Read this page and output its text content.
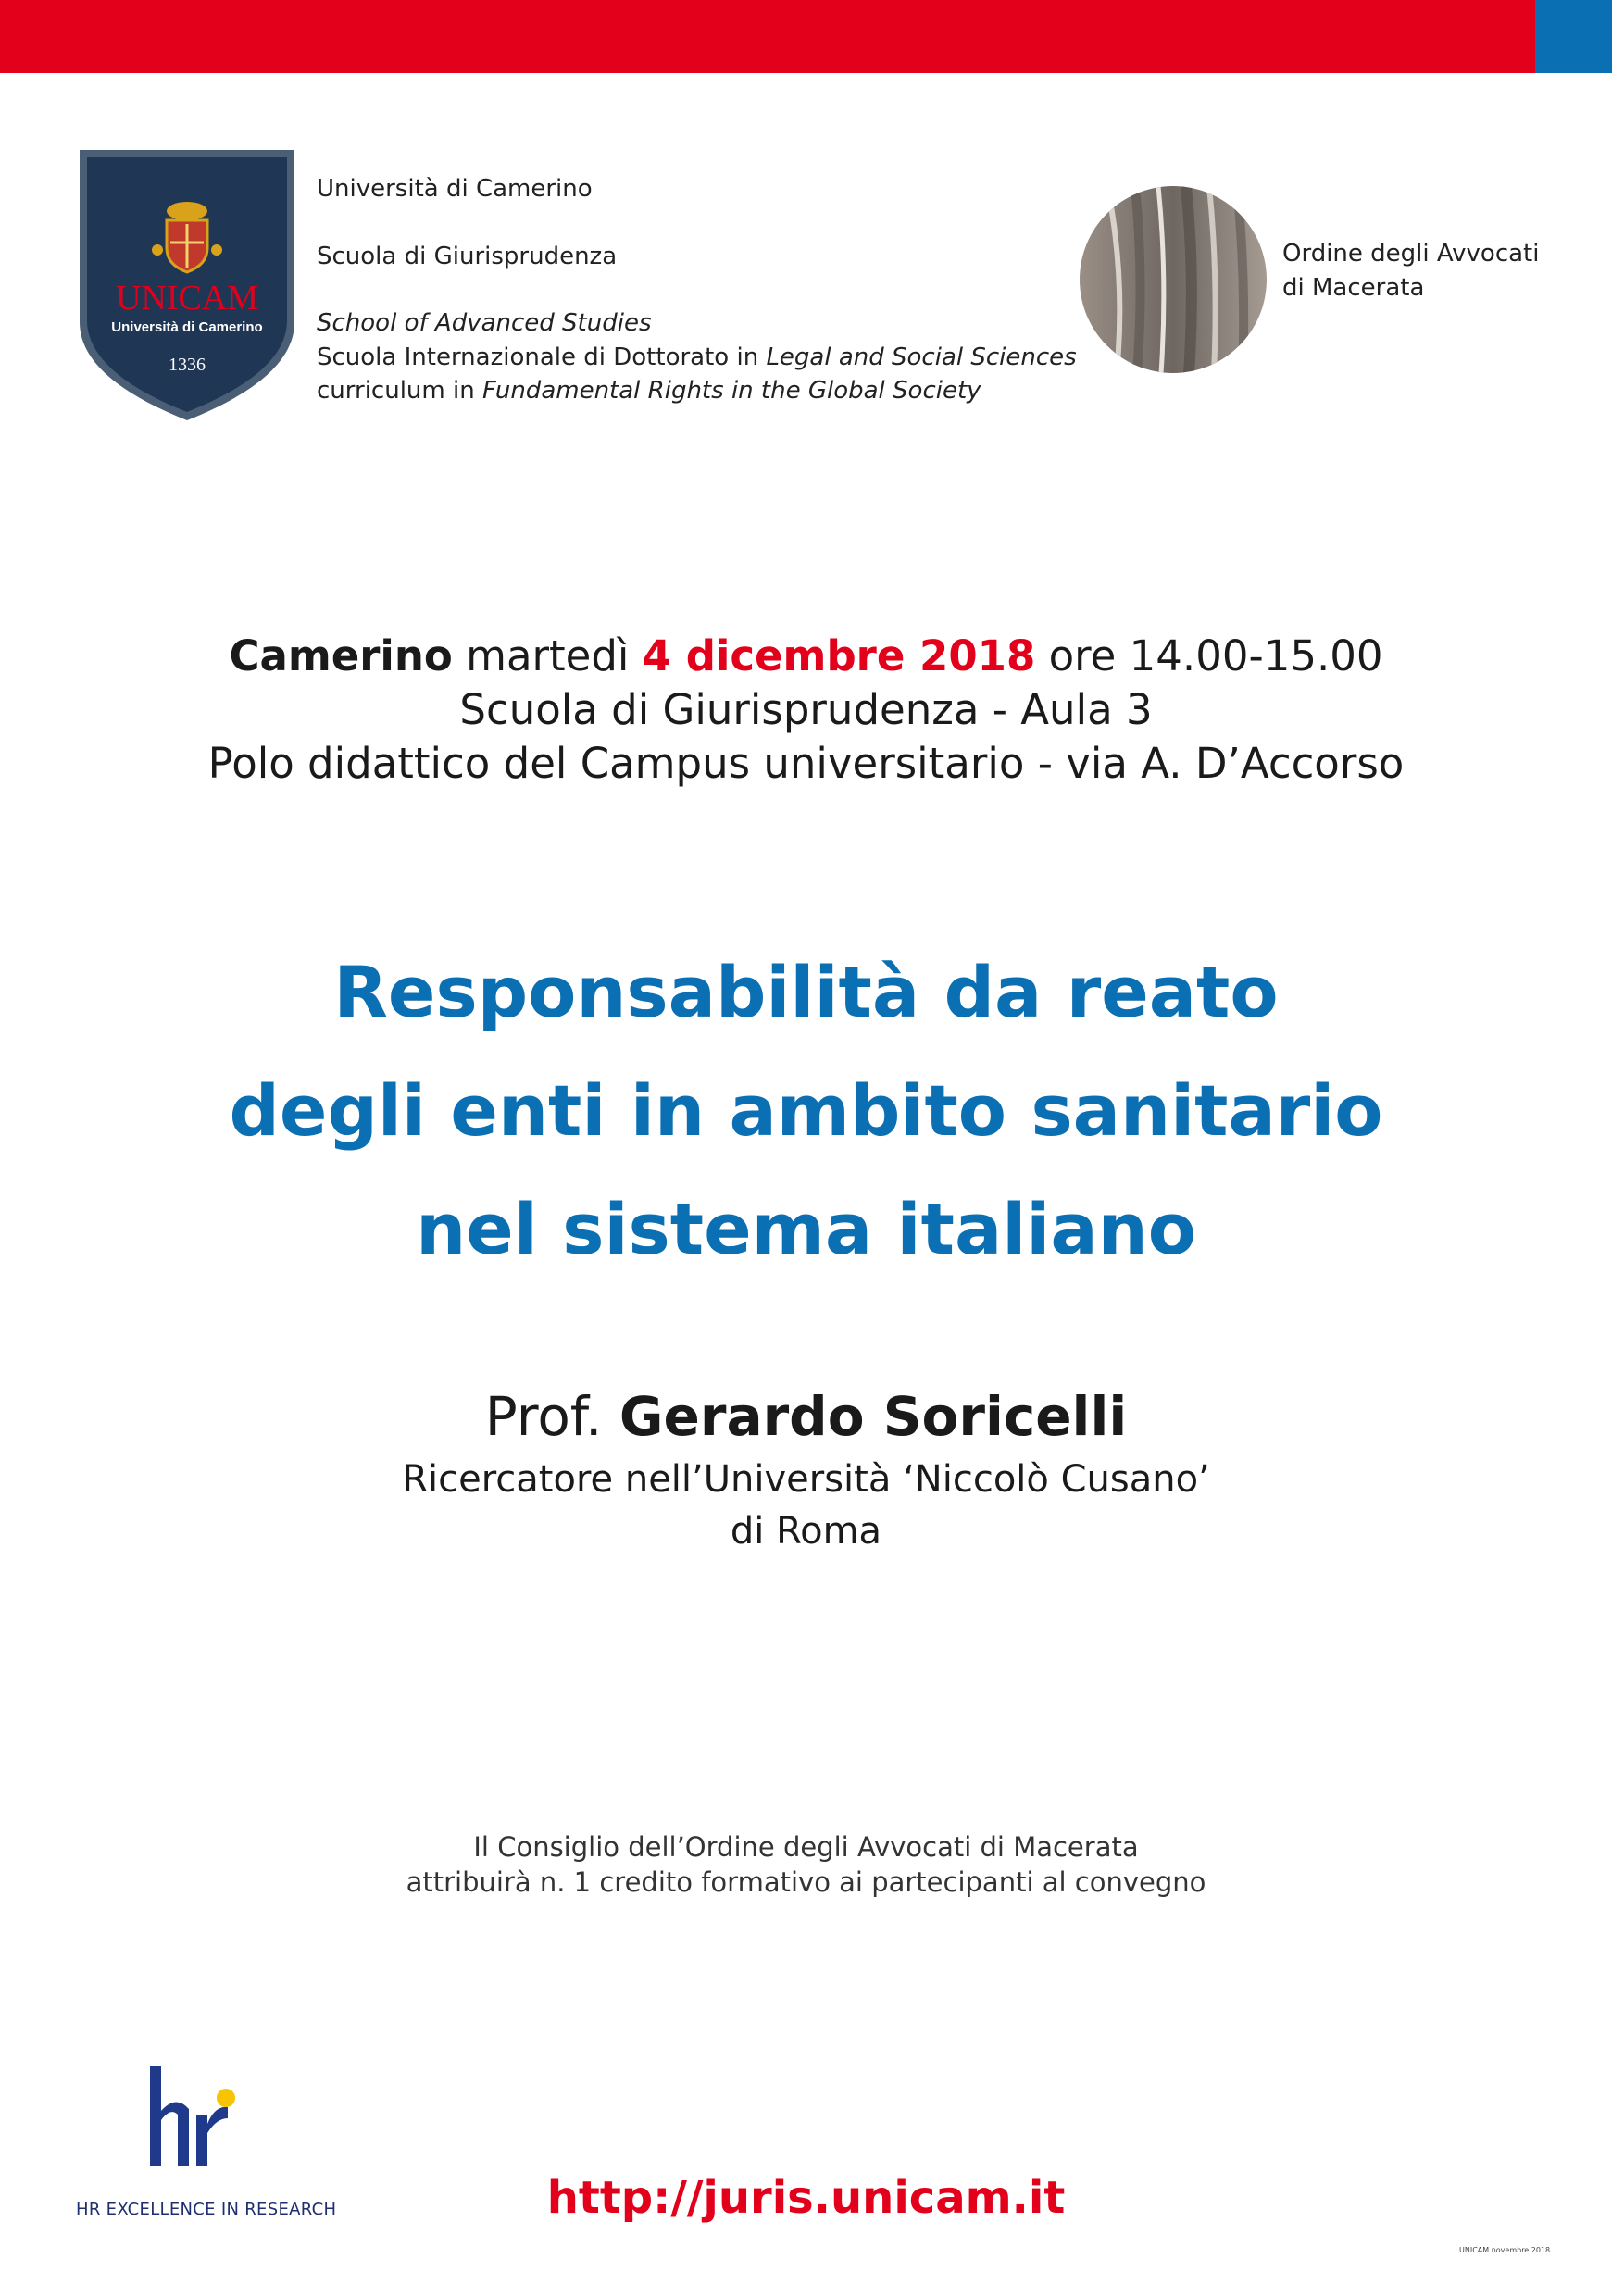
UNICAM
Università di Camerino
1336
Università di Camerino
Scuola di Giurisprudenza
School of Advanced Studies
Scuola Internazionale di Dottorato in Legal and Social Sciences
curriculum in Fundamental Rights in the Global Society
Ordine degli Avvocati
di Macerata
Camerino martedì 4 dicembre 2018 ore 14.00-15.00
Scuola di Giurisprudenza - Aula 3
Polo didattico del Campus universitario - via A. D’Accorso
Responsabilità da reato
degli enti in ambito sanitario
nel sistema italiano
Prof. Gerardo Soricelli
Ricercatore nell’Università ‘Niccolò Cusano’
di Roma
Il Consiglio dell’Ordine degli Avvocati di Macerata
attribuirà n. 1 credito formativo ai partecipanti al convegno
HR EXCELLENCE IN RESEARCH	http://juris.unicam.it
UNICAM novembre 2018
